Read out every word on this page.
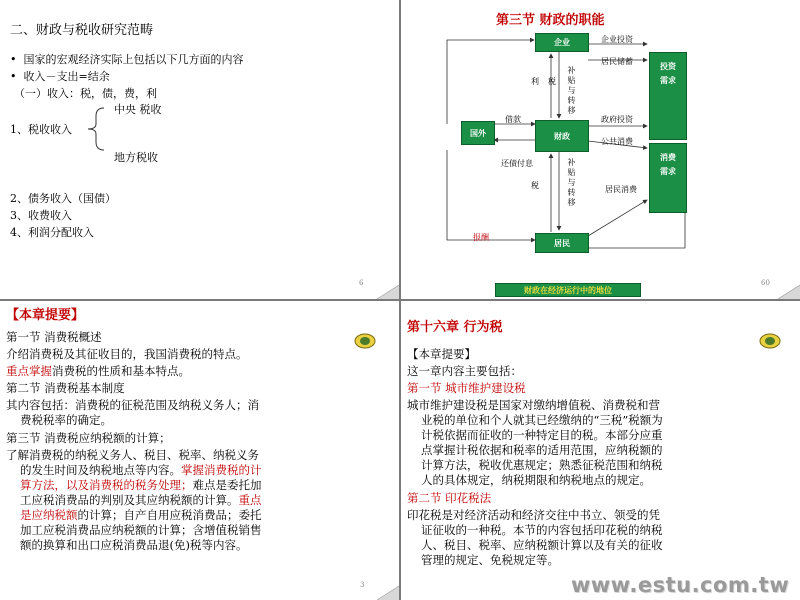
二、财政与税收研究范畴
•  国家的宏观经济实际上包括以下几方面的内容
•  收入－支出=结余
（一）收入：税，债，费，利
中央 税收
1、税收收入
地方税收
2、债务收入（国债）
3、收费收入
4、利润分配收入
6
第三节 财政的职能
企业
财政
国外
居民
投资需求
消费需求
企业投资
居民储蓄
政府投资
公共消费
居民消费
借款
还债付息
利 税
税
补贴与转移
补贴与转移
报酬
财政在经济运行中的地位
60
【本章提要】
第一节 消费税概述
介绍消费税及其征收目的，我国消费税的特点。
重点掌握消费税的性质和基本特点。
第二节 消费税基本制度
其内容包括：消费税的征税范围及纳税义务人；消
费税税率的确定。
第三节 消费税应纳税额的计算；
了解消费税的纳税义务人、税目、税率、纳税义务
的发生时间及纳税地点等内容。掌握消费税的计
算方法，以及消费税的税务处理；难点是委托加
工应税消费品的判别及其应纳税额的计算。重点
是应纳税额的计算；自产自用应税消费品；委托
加工应税消费品应纳税额的计算；含增值税销售
额的换算和出口应税消费品退(免)税等内容。
3
第十六章 行为税
【本章提要】
这一章内容主要包括：
第一节 城市维护建设税
城市维护建设税是国家对缴纳增值税、消费税和营
业税的单位和个人就其已经缴纳的“三税”税额为
计税依据而征收的一种特定目的税。本部分应重
点掌握计税依据和税率的适用范围，应纳税额的
计算方法，税收优惠规定；熟悉征税范围和纳税
人的具体规定，纳税期限和纳税地点的规定。
第二节 印花税法
印花税是对经济活动和经济交往中书立、领受的凭
证征收的一种税。本节的内容包括印花税的纳税
人、税目、税率、应纳税额计算以及有关的征收
管理的规定、免税规定等。
www.estu.com.tw
